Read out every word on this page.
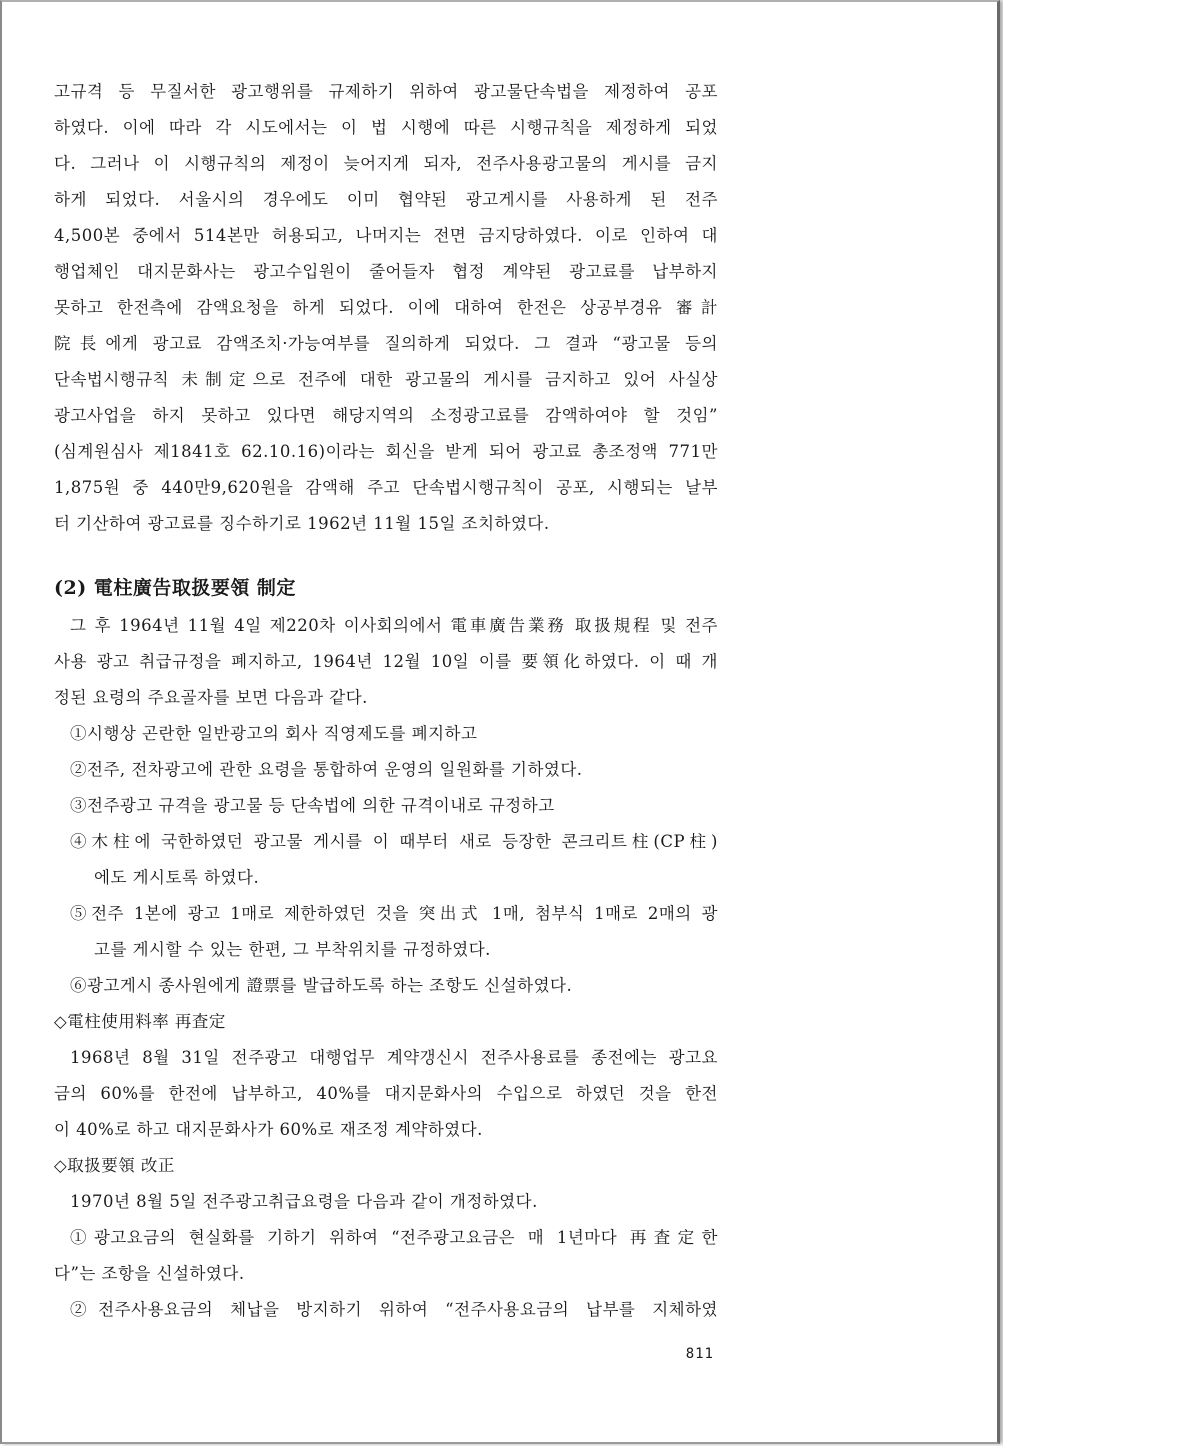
고규격 등 무질서한 광고행위를 규제하기 위하여 광고물단속법을 제정하여 공포
하였다. 이에 따라 각 시도에서는 이 법 시행에 따른 시행규칙을 제정하게 되었
다. 그러나 이 시행규칙의 제정이 늦어지게 되자, 전주사용광고물의 게시를 금지
하게 되었다. 서울시의 경우에도 이미 협약된 광고게시를 사용하게 된 전주
4,500본 중에서 514본만 허용되고, 나머지는 전면 금지당하였다. 이로 인하여 대
행업체인 대지문화사는 광고수입원이 줄어들자 협정 계약된 광고료를 납부하지
못하고 한전측에 감액요청을 하게 되었다. 이에 대하여 한전은 상공부경유 審計
院長에게 광고료 감액조치·가능여부를 질의하게 되었다. 그 결과 “광고물 등의
단속법시행규칙 未制定으로 전주에 대한 광고물의 게시를 금지하고 있어 사실상
광고사업을 하지 못하고 있다면 해당지역의 소정광고료를 감액하여야 할 것임”
(심계원심사 제1841호 62.10.16)이라는 회신을 받게 되어 광고료 총조정액 771만
1,875원 중 440만9,620원을 감액해 주고 단속법시행규칙이 공포, 시행되는 날부
터 기산하여 광고료를 징수하기로 1962년 11월 15일 조치하였다.
(2) 電柱廣告取扱要領 制定
그 후 1964년 11월 4일 제220차 이사회의에서 電車廣告業務 取扱規程 및 전주
사용 광고 취급규정을 폐지하고, 1964년 12월 10일 이를 要領化하였다. 이 때 개
정된 요령의 주요골자를 보면 다음과 같다.
①시행상 곤란한 일반광고의 회사 직영제도를 폐지하고
②전주, 전차광고에 관한 요령을 통합하여 운영의 일원화를 기하였다.
③전주광고 규격을 광고물 등 단속법에 의한 규격이내로 규정하고
④木柱에 국한하였던 광고물 게시를 이 때부터 새로 등장한 콘크리트柱(CP柱)
에도 게시토록 하였다.
⑤전주 1본에 광고 1매로 제한하였던 것을 突出式 1매, 첨부식 1매로 2매의 광
고를 게시할 수 있는 한편, 그 부착위치를 규정하였다.
⑥광고게시 종사원에게 證票를 발급하도록 하는 조항도 신설하였다.
◇電柱使用料率 再査定
1968년 8월 31일 전주광고 대행업무 계약갱신시 전주사용료를 종전에는 광고요
금의 60%를 한전에 납부하고, 40%를 대지문화사의 수입으로 하였던 것을 한전
이 40%로 하고 대지문화사가 60%로 재조정 계약하였다.
◇取扱要領 改正
1970년 8월 5일 전주광고취급요령을 다음과 같이 개정하였다.
①광고요금의 현실화를 기하기 위하여 “전주광고요금은 매 1년마다 再査定한
다”는 조항을 신설하였다.
②전주사용요금의 체납을 방지하기 위하여 “전주사용요금의 납부를 지체하였
811
